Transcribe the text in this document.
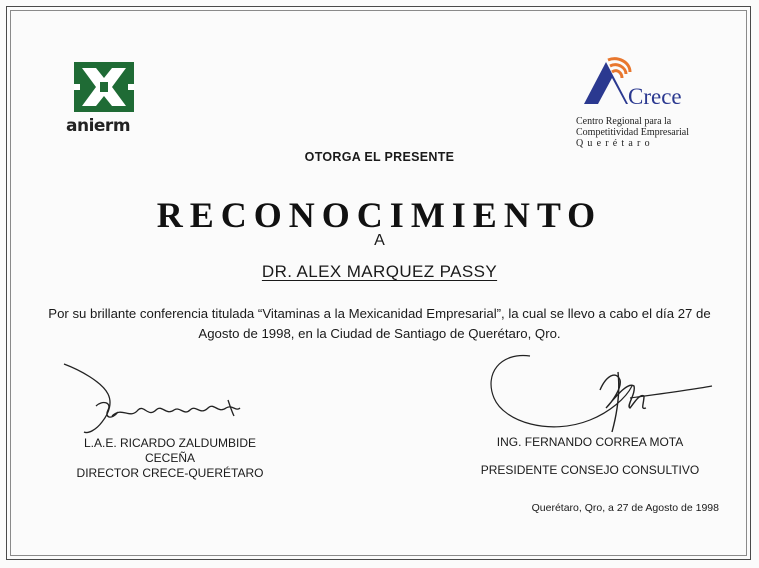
anierm
Crece
Centro Regional para la
Competitividad Empresarial
Querétaro
OTORGA EL PRESENTE
RECONOCIMIENTO
A
DR. ALEX MARQUEZ PASSY
Por su brillante conferencia titulada “Vitaminas a la Mexicanidad Empresarial”, la cual se llevo a cabo el día 27 de Agosto de 1998, en la Ciudad de Santiago de Querétaro, Qro.
L.A.E. RICARDO ZALDUMBIDE
CECEÑA
DIRECTOR CRECE-QUERÉTARO
ING. FERNANDO CORREA MOTA
PRESIDENTE CONSEJO CONSULTIVO
Querétaro, Qro, a 27 de Agosto de 1998
